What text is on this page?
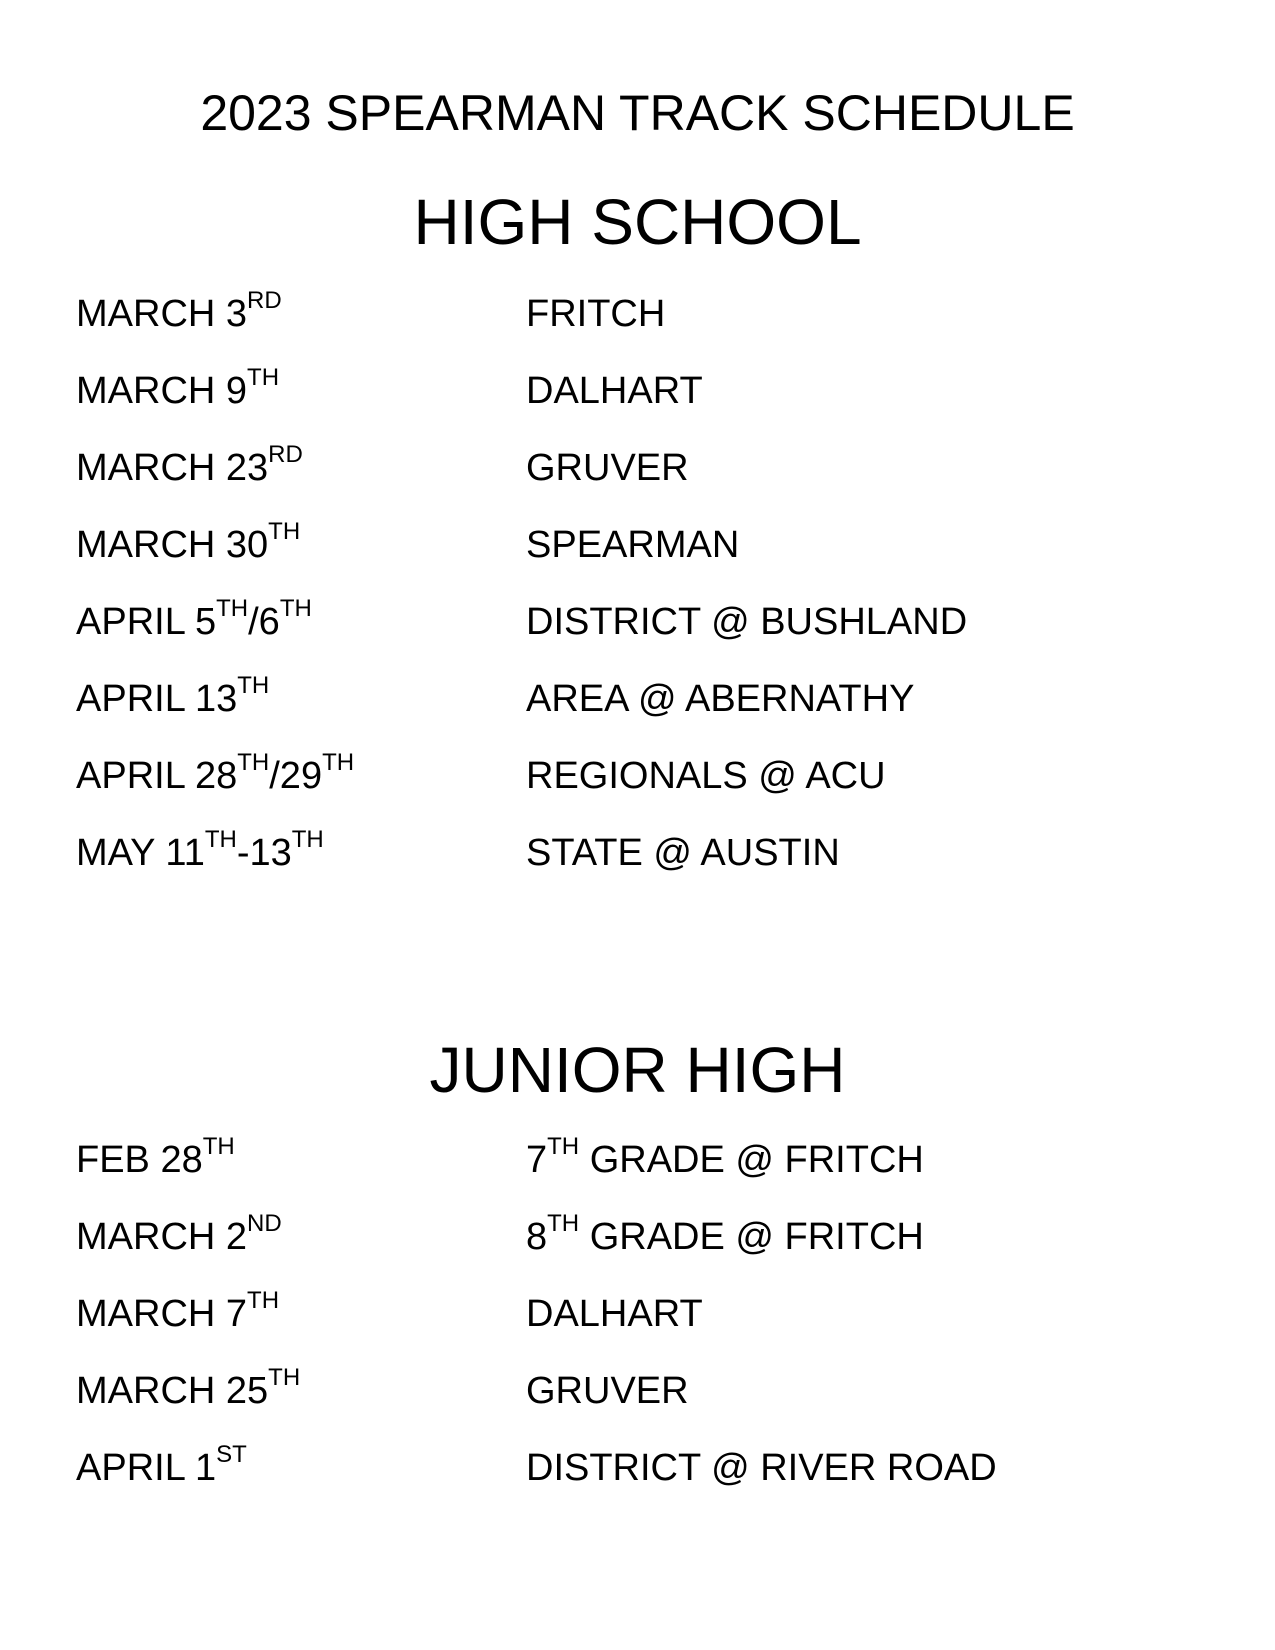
2023 SPEARMAN TRACK SCHEDULE
HIGH SCHOOL
MARCH 3RD	FRITCH
MARCH 9TH	DALHART
MARCH 23RD	GRUVER
MARCH 30TH	SPEARMAN
APRIL 5TH/6TH	DISTRICT @ BUSHLAND
APRIL 13TH	AREA @ ABERNATHY
APRIL 28TH/29TH	REGIONALS @ ACU
MAY 11TH-13TH	STATE @ AUSTIN
JUNIOR HIGH
FEB 28TH	7TH GRADE @ FRITCH
MARCH 2ND	8TH GRADE @ FRITCH
MARCH 7TH	DALHART
MARCH 25TH	GRUVER
APRIL 1ST	DISTRICT @ RIVER ROAD
